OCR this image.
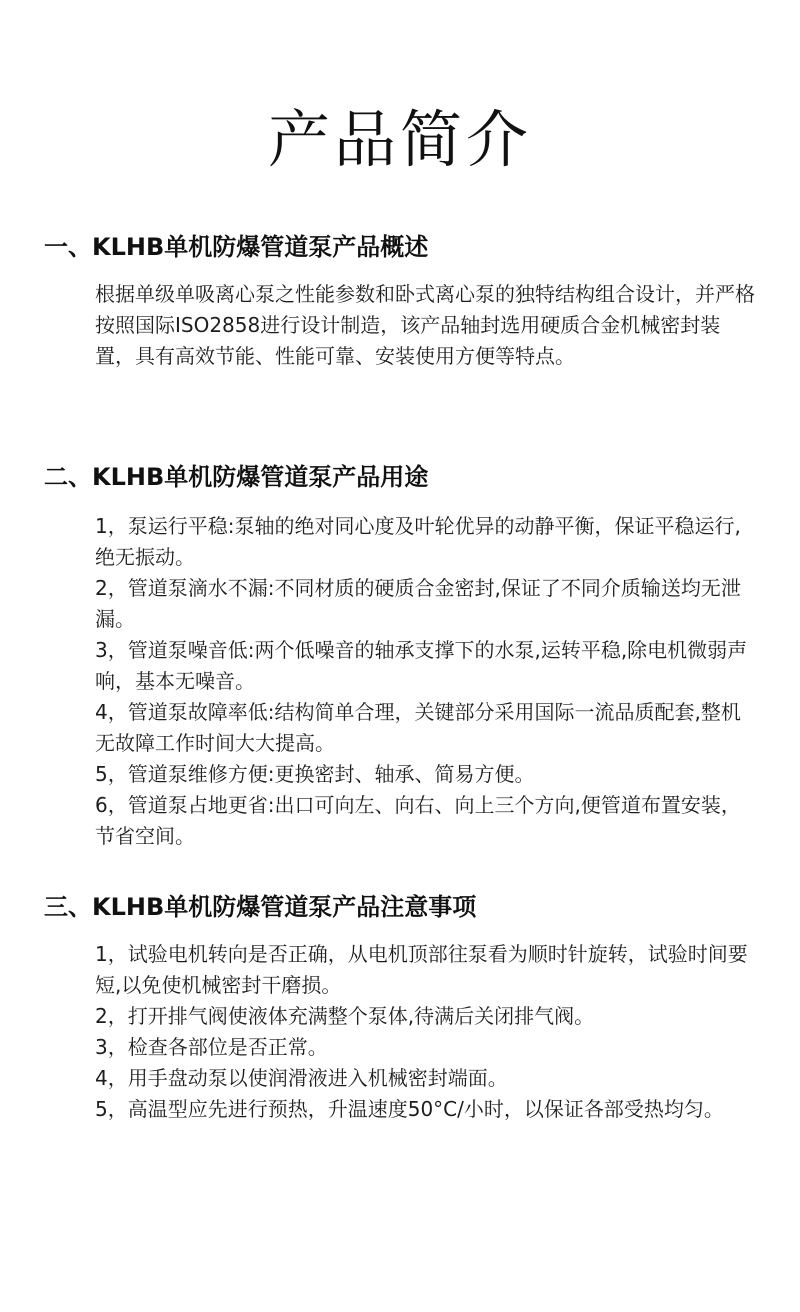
产品简介
一、KLHB单机防爆管道泵产品概述

根据单级单吸离心泵之性能参数和卧式离心泵的独特结构组合设计，并严格按照国际ISO2858进行设计制造，该产品轴封选用硬质合金机械密封装置，具有高效节能、性能可靠、安装使用方便等特点。

二、KLHB单机防爆管道泵产品用途
1，泵运行平稳:泵轴的绝对同心度及叶轮优异的动静平衡，保证平稳运行,绝无振动。
2，管道泵滴水不漏:不同材质的硬质合金密封,保证了不同介质输送均无泄漏。
3，管道泵噪音低:两个低噪音的轴承支撑下的水泵,运转平稳,除电机微弱声响，基本无噪音。
4，管道泵故障率低:结构简单合理，关键部分采用国际一流品质配套,整机无故障工作时间大大提高。
5，管道泵维修方便:更换密封、轴承、简易方便。
6，管道泵占地更省:出口可向左、向右、向上三个方向,便管道布置安装，节省空间。
三、KLHB单机防爆管道泵产品注意事项
1，试验电机转向是否正确，从电机顶部往泵看为顺时针旋转，试验时间要短,以免使机械密封干磨损。
2，打开排气阀使液体充满整个泵体,待满后关闭排气阀。
3，检查各部位是否正常。
4，用手盘动泵以使润滑液进入机械密封端面。
5，高温型应先进行预热，升温速度50°C/小时，以保证各部受热均匀。
